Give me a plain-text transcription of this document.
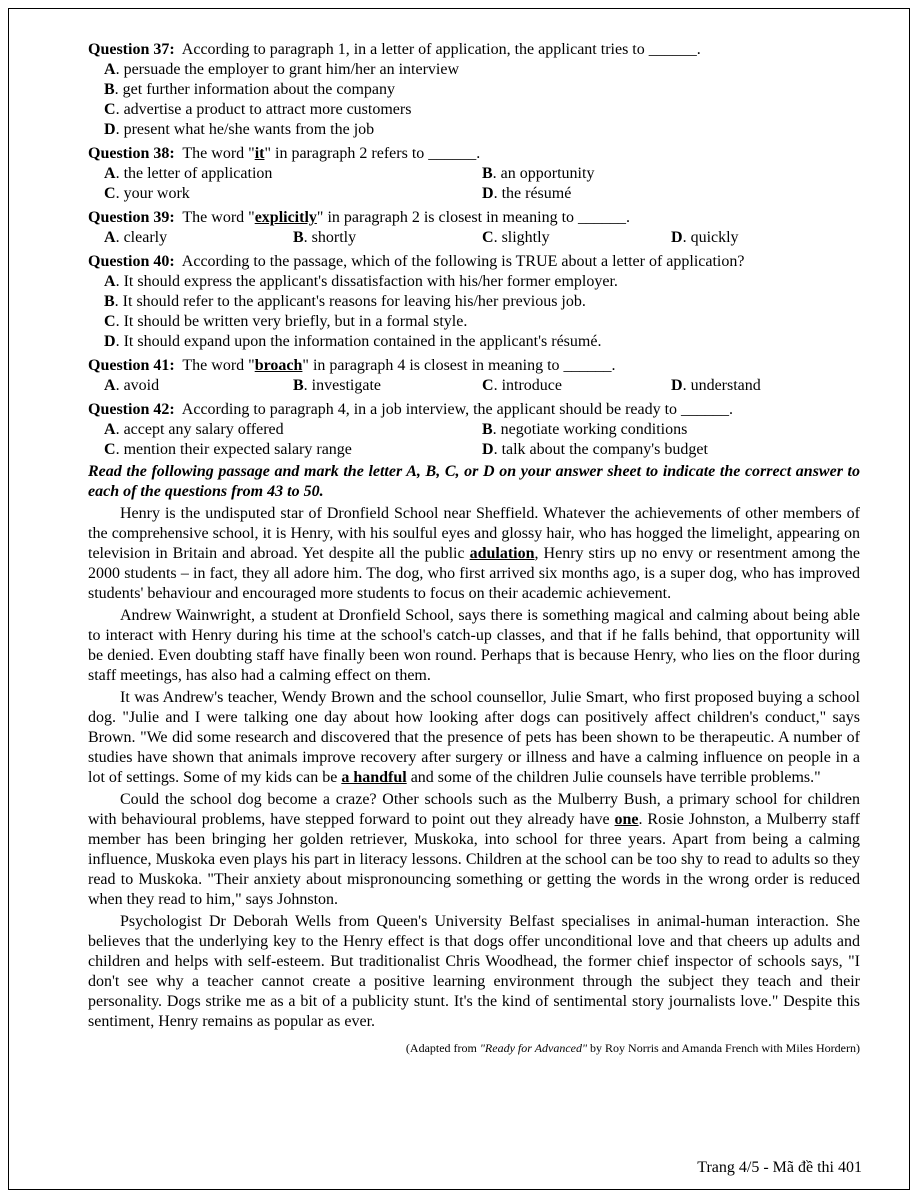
Question 37: According to paragraph 1, in a letter of application, the applicant tries to ______.
A. persuade the employer to grant him/her an interview
B. get further information about the company
C. advertise a product to attract more customers
D. present what he/she wants from the job
Question 38: The word "it" in paragraph 2 refers to ______.
A. the letter of application	B. an opportunity
C. your work	D. the résumé
Question 39: The word "explicitly" in paragraph 2 is closest in meaning to ______.
A. clearly	B. shortly	C. slightly	D. quickly
Question 40: According to the passage, which of the following is TRUE about a letter of application?
A. It should express the applicant's dissatisfaction with his/her former employer.
B. It should refer to the applicant's reasons for leaving his/her previous job.
C. It should be written very briefly, but in a formal style.
D. It should expand upon the information contained in the applicant's résumé.
Question 41: The word "broach" in paragraph 4 is closest in meaning to ______.
A. avoid	B. investigate	C. introduce	D. understand
Question 42: According to paragraph 4, in a job interview, the applicant should be ready to ______.
A. accept any salary offered	B. negotiate working conditions
C. mention their expected salary range	D. talk about the company's budget
Read the following passage and mark the letter A, B, C, or D on your answer sheet to indicate the correct answer to each of the questions from 43 to 50.

Henry is the undisputed star of Dronfield School near Sheffield. Whatever the achievements of other members of the comprehensive school, it is Henry, with his soulful eyes and glossy hair, who has hogged the limelight, appearing on television in Britain and abroad. Yet despite all the public adulation, Henry stirs up no envy or resentment among the 2000 students – in fact, they all adore him. The dog, who first arrived six months ago, is a super dog, who has improved students' behaviour and encouraged more students to focus on their academic achievement.

Andrew Wainwright, a student at Dronfield School, says there is something magical and calming about being able to interact with Henry during his time at the school's catch-up classes, and that if he falls behind, that opportunity will be denied. Even doubting staff have finally been won round. Perhaps that is because Henry, who lies on the floor during staff meetings, has also had a calming effect on them.

It was Andrew's teacher, Wendy Brown and the school counsellor, Julie Smart, who first proposed buying a school dog. "Julie and I were talking one day about how looking after dogs can positively affect children's conduct," says Brown. "We did some research and discovered that the presence of pets has been shown to be therapeutic. A number of studies have shown that animals improve recovery after surgery or illness and have a calming influence on people in a lot of settings. Some of my kids can be a handful and some of the children Julie counsels have terrible problems."

Could the school dog become a craze? Other schools such as the Mulberry Bush, a primary school for children with behavioural problems, have stepped forward to point out they already have one. Rosie Johnston, a Mulberry staff member has been bringing her golden retriever, Muskoka, into school for three years. Apart from being a calming influence, Muskoka even plays his part in literacy lessons. Children at the school can be too shy to read to adults so they read to Muskoka. "Their anxiety about mispronouncing something or getting the words in the wrong order is reduced when they read to him," says Johnston.

Psychologist Dr Deborah Wells from Queen's University Belfast specialises in animal-human interaction. She believes that the underlying key to the Henry effect is that dogs offer unconditional love and that cheers up adults and children and helps with self-esteem. But traditionalist Chris Woodhead, the former chief inspector of schools says, "I don't see why a teacher cannot create a positive learning environment through the subject they teach and their personality. Dogs strike me as a bit of a publicity stunt. It's the kind of sentimental story journalists love." Despite this sentiment, Henry remains as popular as ever.

(Adapted from "Ready for Advanced" by Roy Norris and Amanda French with Miles Hordern)
Trang 4/5 - Mã đề thi 401
